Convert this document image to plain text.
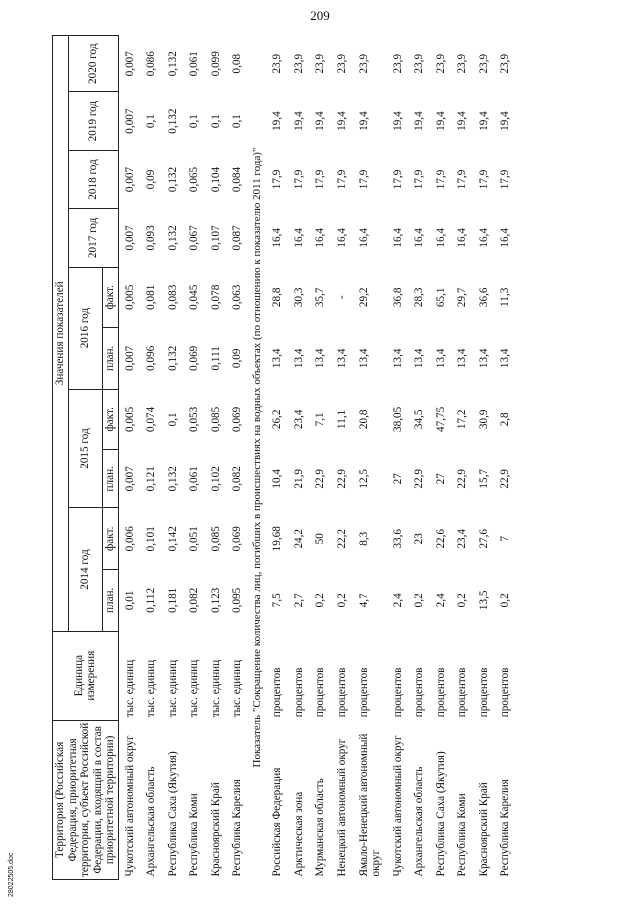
209
Территория (Российская Федерация, приоритетная территория, субъект Российской Федерации, входящий в состав приоритетной территории)	Единица измерения	Значения показателей									
		2014 год		2015 год		2016 год		2017 год	2018 год	2019 год	2020 год
		план.	факт.	план.	факт.	план.	факт.				
Чукотский автономный округ	тыс. единиц	0,01	0,006	0,007	0,005	0,007	0,005	0,007	0,007	0,007	0,007
Архангельская область	тыс. единиц	0,112	0,101	0,121	0,074	0,096	0,081	0,093	0,09	0,1	0,086
Республика Саха (Якутия)	тыс. единиц	0,181	0,142	0,132	0,1	0,132	0,083	0,132	0,132	0,132	0,132
Республика Коми	тыс. единиц	0,082	0,051	0,061	0,053	0,069	0,045	0,067	0,065	0,1	0,061
Красноярский Край	тыс. единиц	0,123	0,085	0,102	0,085	0,111	0,078	0,107	0,104	0,1	0,099
Республика Карелия	тыс. единиц	0,095	0,069	0,082	0,069	0,09	0,063	0,087	0,084	0,1	0,08
Показатель "Сокращение количества лиц, погибших в происшествиях на водных объектах (по отношению к показателю 2011 года)"											
Российская Федерация	процентов	7,5	19,68	10,4	26,2	13,4	28,8	16,4	17,9	19,4	23,9
Арктическая зона	процентов	2,7	24,2	21,9	23,4	13,4	30,3	16,4	17,9	19,4	23,9
Мурманская область	процентов	0,2	50	22,9	7,1	13,4	35,7	16,4	17,9	19,4	23,9
Ненецкий автономный округ	процентов	0,2	22,2	22,9	11,1	13,4	-	16,4	17,9	19,4	23,9
Ямало-Ненецкий автономный округ	процентов	4,7	8,3	12,5	20,8	13,4	29,2	16,4	17,9	19,4	23,9
Чукотский автономный округ	процентов	2,4	33,6	27	38,05	13,4	36,8	16,4	17,9	19,4	23,9
Архангельская область	процентов	0,2	23	22,9	34,5	13,4	28,3	16,4	17,9	19,4	23,9
Республика Саха (Якутия)	процентов	2,4	22,6	27	47,75	13,4	65,1	16,4	17,9	19,4	23,9
Республика Коми	процентов	0,2	23,4	22,9	17,2	13,4	29,7	16,4	17,9	19,4	23,9
Красноярский Край	процентов	13,5	27,6	15,7	30,9	13,4	36,6	16,4	17,9	19,4	23,9
Республика Карелия	процентов	0,2	7	22,9	2,8	13,4	11,3	16,4	17,9	19,4	23,9
28022505.doc
